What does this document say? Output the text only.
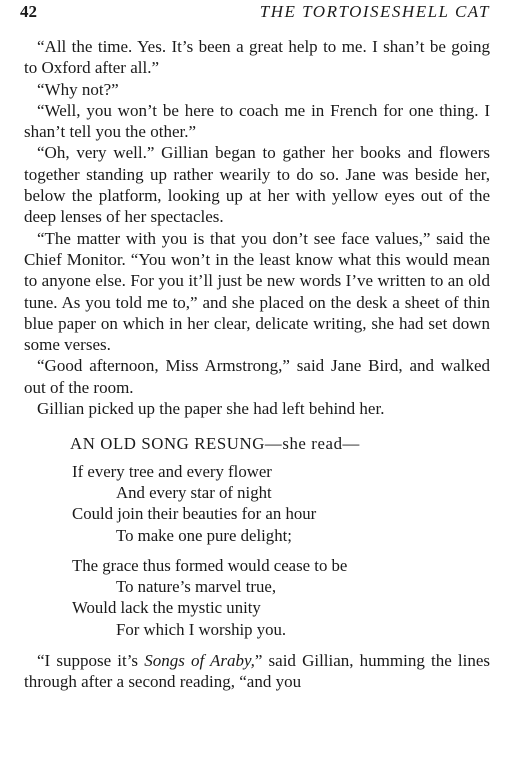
42	THE TORTOISESHELL CAT

“All the time. Yes. It’s been a great help to me. I shan’t be going to Oxford after all.”

“Why not?”

“Well, you won’t be here to coach me in French for one thing. I shan’t tell you the other.”

“Oh, very well.” Gillian began to gather her books and flowers together standing up rather wearily to do so. Jane was beside her, below the platform, looking up at her with yellow eyes out of the deep lenses of her spectacles.

“The matter with you is that you don’t see face values,” said the Chief Monitor. “You won’t in the least know what this would mean to anyone else. For you it’ll just be new words I’ve written to an old tune. As you told me to,” and she placed on the desk a sheet of thin blue paper on which in her clear, delicate writing, she had set down some verses.

“Good afternoon, Miss Armstrong,” said Jane Bird, and walked out of the room.

Gillian picked up the paper she had left behind her.

AN OLD SONG RESUNG—she read—
If every tree and every flower
And every star of night
Could join their beauties for an hour
To make one pure delight;
The grace thus formed would cease to be
To nature’s marvel true,
Would lack the mystic unity
For which I worship you.

“I suppose it’s Songs of Araby,” said Gillian, humming the lines through after a second reading, “and you
